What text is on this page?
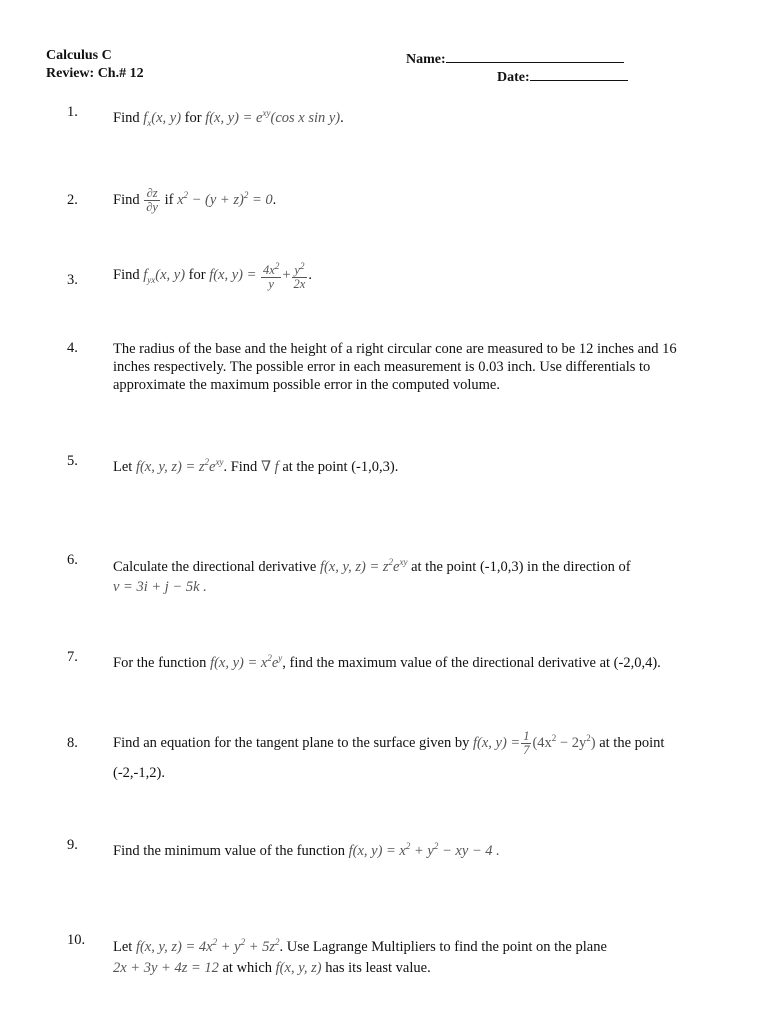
Calculus C
Review: Ch.# 12
Name:
Date:
1.	Find $f_x(x$, y) for f(x, $y) = e^{xy}(\cos$ x sin y).
2.	Find $\frac{\partial z}{\partial y}$ if $x^2 - (y + z)^2 = 0$.
3.	Find $f_{yx}(x$, y) for f(x, $y) = \frac{4x^2}{y} + \frac{y^2}{2x}$ .
4.	The radius of the base and the height of a right circular cone are measured to be 12 inches and 16 inches respectively. The possible error in each measurement is 0.03 inch. Use differentials to approximate the maximum possible error in the computed volume.
5.	Let f(x, y, $z) = z^2e^{xy}$. Find ∇ f at the point (-1,0,3).
6.	Calculate the directional derivative f(x, y, $z) = z^2e^{xy}$ at the point (-1,0,3) in the direction of
v = 3i + j − 5k .
7.	For the function f(x, $y) = x^2e^y$, find the maximum value of the directional derivative at (-2,0,4).
8.	Find an equation for the tangent plane to the surface given by f(x, $y) = \frac{1}{7} (4x^2 - 2y^2)$ at the point (-2,-1,2).
9.	Find the minimum value of the function f(x, $y) = x^2 + y^2$ − xy − 4 .
10.	Let f(x, y, $z) = 4x^2 + y^2 + 5z^2$. Use Lagrange Multipliers to find the point on the plane
2x + 3y + 4z = 12 at which f(x, y, z) has its least value.
